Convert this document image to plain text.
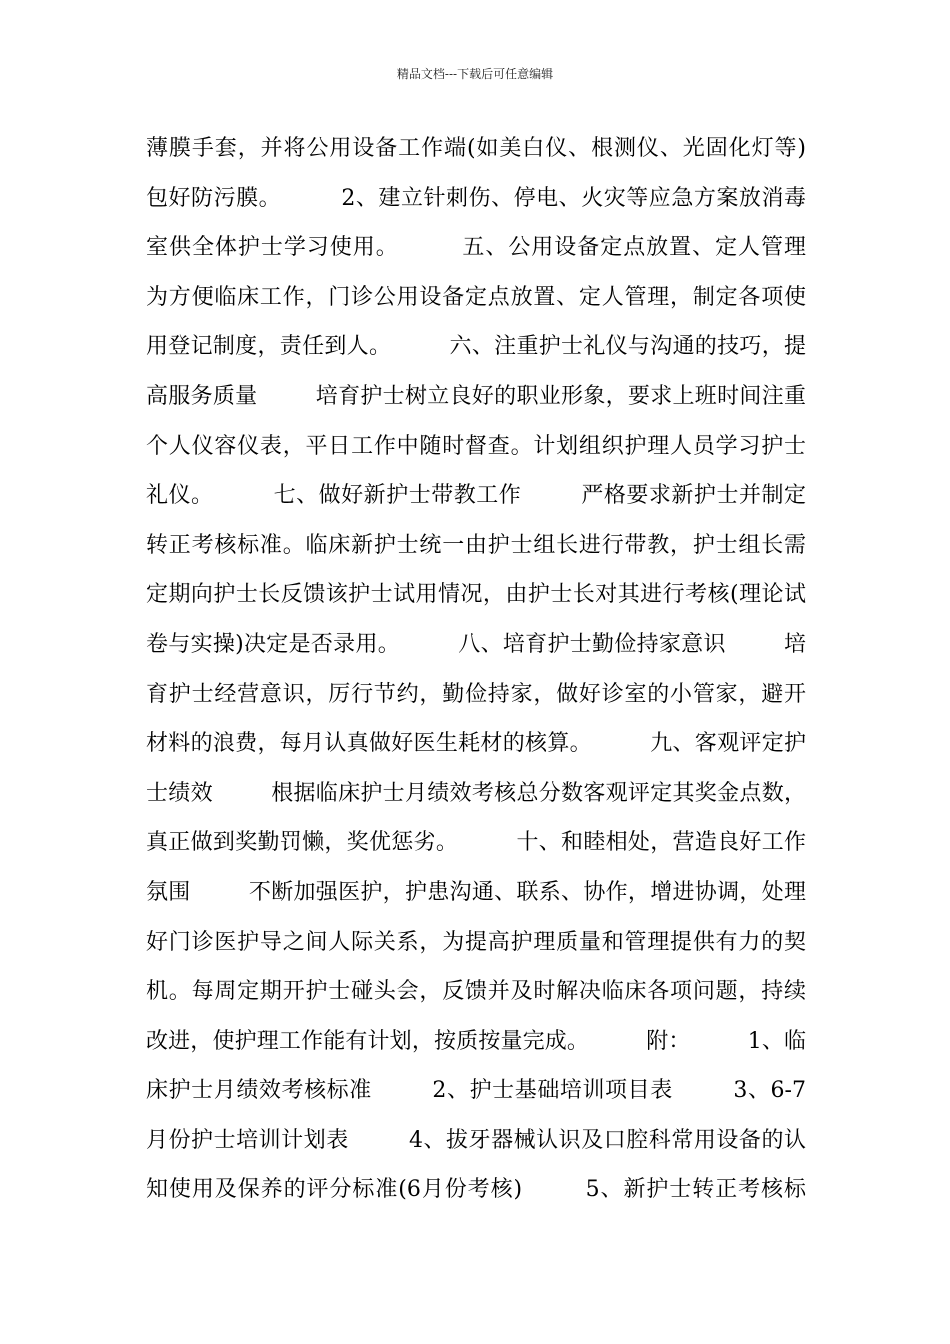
精品文档---下载后可任意编辑
薄膜手套，并将公用设备工作端(如美白仪、根测仪、光固化灯等)
包好防污膜。        2、建立针刺伤、停电、火灾等应急方案放消毒
室供全体护士学习使用。        五、公用设备定点放置、定人管理
为方便临床工作，门诊公用设备定点放置、定人管理，制定各项使
用登记制度，责任到人。        六、注重护士礼仪与沟通的技巧，提
高服务质量        培育护士树立良好的职业形象，要求上班时间注重
个人仪容仪表，平日工作中随时督查。计划组织护理人员学习护士
礼仪。        七、做好新护士带教工作        严格要求新护士并制定
转正考核标准。临床新护士统一由护士组长进行带教，护士组长需
定期向护士长反馈该护士试用情况，由护士长对其进行考核(理论试
卷与实操)决定是否录用。        八、培育护士勤俭持家意识        培
育护士经营意识，厉行节约，勤俭持家，做好诊室的小管家，避开
材料的浪费，每月认真做好医生耗材的核算。        九、客观评定护
士绩效        根据临床护士月绩效考核总分数客观评定其奖金点数，
真正做到奖勤罚懒，奖优惩劣。        十、和睦相处，营造良好工作
氛围        不断加强医护，护患沟通、联系、协作，增进协调，处理
好门诊医护导之间人际关系，为提高护理质量和管理提供有力的契
机。每周定期开护士碰头会，反馈并及时解决临床各项问题，持续
改进，使护理工作能有计划，按质按量完成。        附：        1、临
床护士月绩效考核标准        2、护士基础培训项目表        3、6-7
月份护士培训计划表        4、拔牙器械认识及口腔科常用设备的认
知使用及保养的评分标准(6月份考核)        5、新护士转正考核标
